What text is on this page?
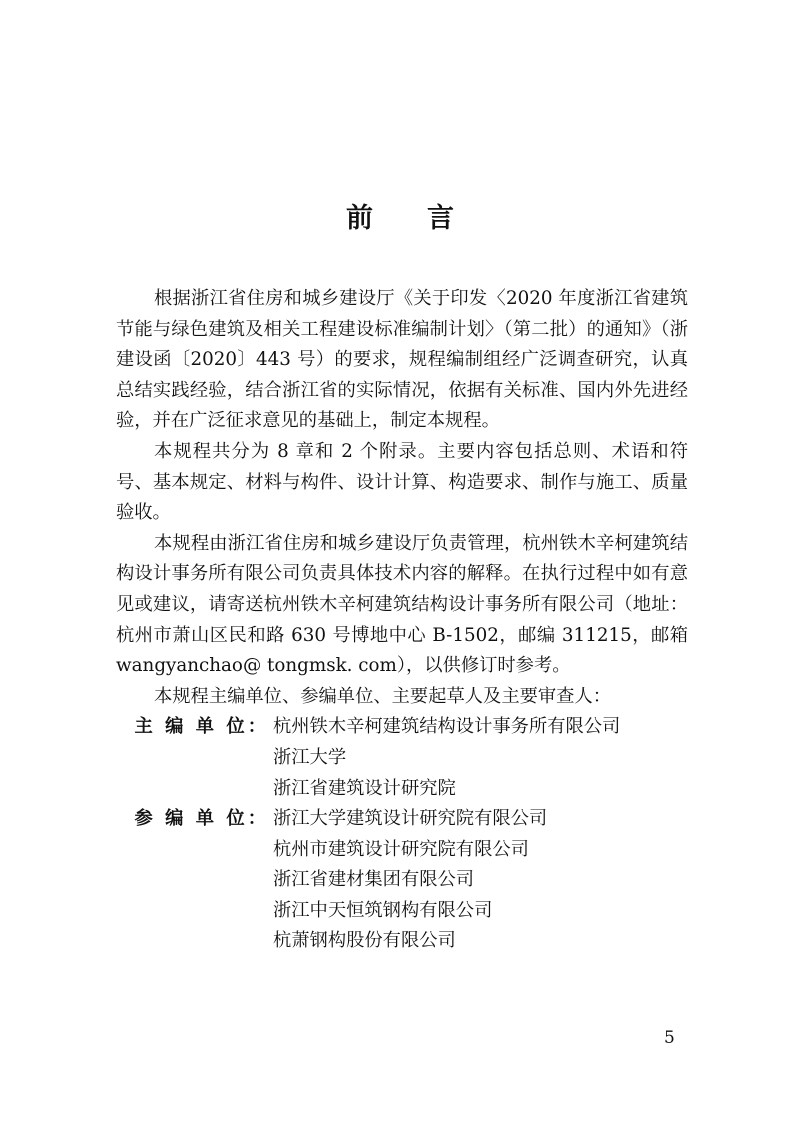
前 言

根据浙江省住房和城乡建设厅《关于印发〈2020 年度浙江省建筑节能与绿色建筑及相关工程建设标准编制计划〉（第二批）的通知》（浙建设函〔2020〕443 号）的要求，规程编制组经广泛调查研究，认真总结实践经验，结合浙江省的实际情况，依据有关标准、国内外先进经验，并在广泛征求意见的基础上，制定本规程。

本规程共分为 8 章和 2 个附录。主要内容包括总则、术语和符号、基本规定、材料与构件、设计计算、构造要求、制作与施工、质量验收。

本规程由浙江省住房和城乡建设厅负责管理，杭州铁木辛柯建筑结构设计事务所有限公司负责具体技术内容的解释。在执行过程中如有意见或建议，请寄送杭州铁木辛柯建筑结构设计事务所有限公司（地址：杭州市萧山区民和路 630 号博地中心 B-1502，邮编 311215，邮箱 wangyanchao@ tongmsk. com），以供修订时参考。

本规程主编单位、参编单位、主要起草人及主要审查人：

主 编 单 位： 杭州铁木辛柯建筑结构设计事务所有限公司
浙江大学
浙江省建筑设计研究院
参 编 单 位： 浙江大学建筑设计研究院有限公司
杭州市建筑设计研究院有限公司
浙江省建材集团有限公司
浙江中天恒筑钢构有限公司
杭萧钢构股份有限公司
5
